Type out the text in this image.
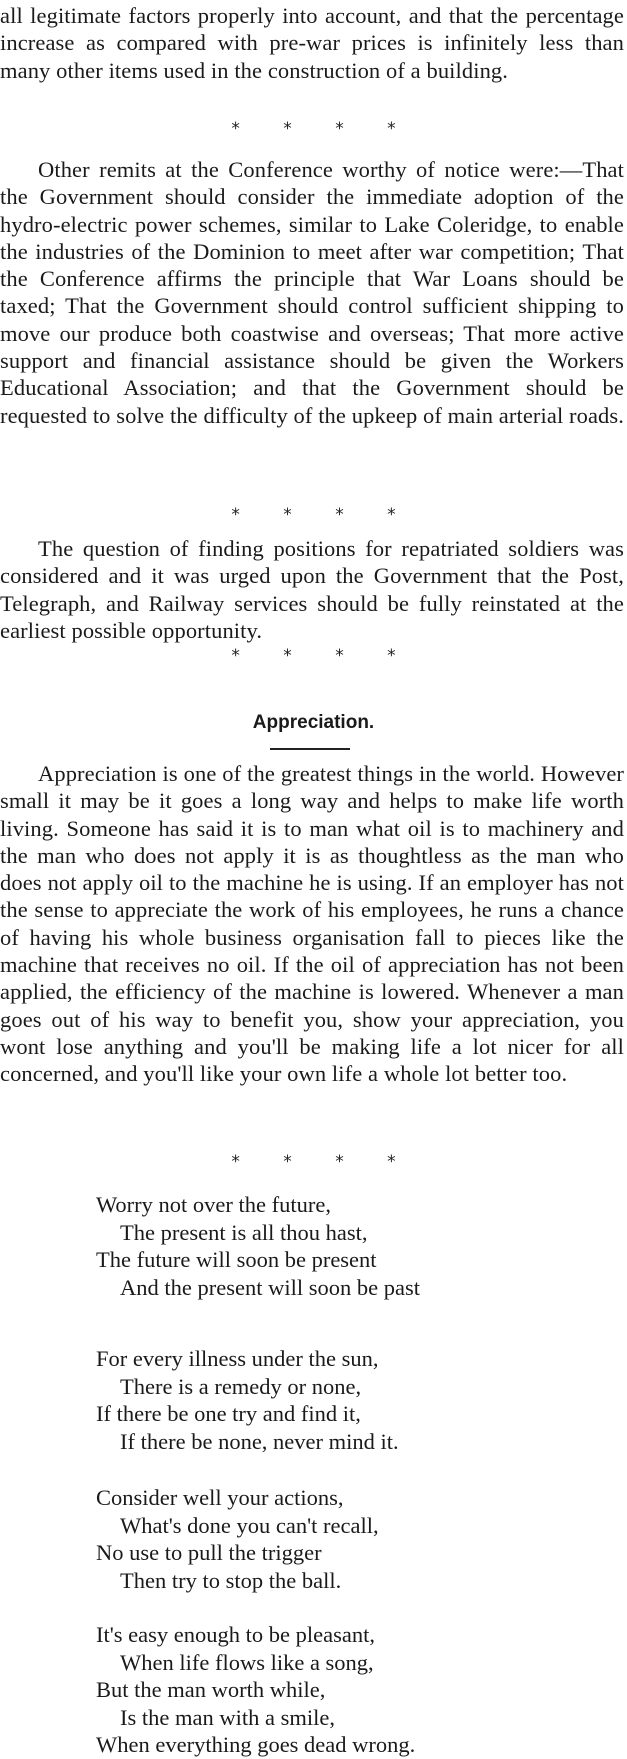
all legitimate factors properly into account, and that the percentage increase as compared with pre-war prices is infinitely less than many other items used in the construction of a building.

* * * *

Other remits at the Conference worthy of notice were:—That the Government should consider the immediate adoption of the hydro-electric power schemes, similar to Lake Coleridge, to enable the industries of the Dominion to meet after war competition; That the Conference affirms the principle that War Loans should be taxed; That the Government should control sufficient shipping to move our produce both coastwise and overseas; That more active support and financial assistance should be given the Workers Educational Association; and that the Government should be requested to solve the difficulty of the upkeep of main arterial roads.

* * * *

The question of finding positions for repatriated soldiers was considered and it was urged upon the Government that the Post, Telegraph, and Railway services should be fully reinstated at the earliest possible opportunity.

* * * *
Appreciation.

Appreciation is one of the greatest things in the world. However small it may be it goes a long way and helps to make life worth living. Someone has said it is to man what oil is to machinery and the man who does not apply it is as thoughtless as the man who does not apply oil to the machine he is using. If an employer has not the sense to appreciate the work of his employees, he runs a chance of having his whole business organisation fall to pieces like the machine that receives no oil. If the oil of appreciation has not been applied, the efficiency of the machine is lowered. Whenever a man goes out of his way to benefit you, show your appreciation, you wont lose anything and you'll be making life a lot nicer for all concerned, and you'll like your own life a whole lot better too.

* * * *
Worry not over the future,
The present is all thou hast,
The future will soon be present
And the present will soon be past
For every illness under the sun,
There is a remedy or none,
If there be one try and find it,
If there be none, never mind it.
Consider well your actions,
What's done you can't recall,
No use to pull the trigger
Then try to stop the ball.
It's easy enough to be pleasant,
When life flows like a song,
But the man worth while,
Is the man with a smile,
When everything goes dead wrong.
